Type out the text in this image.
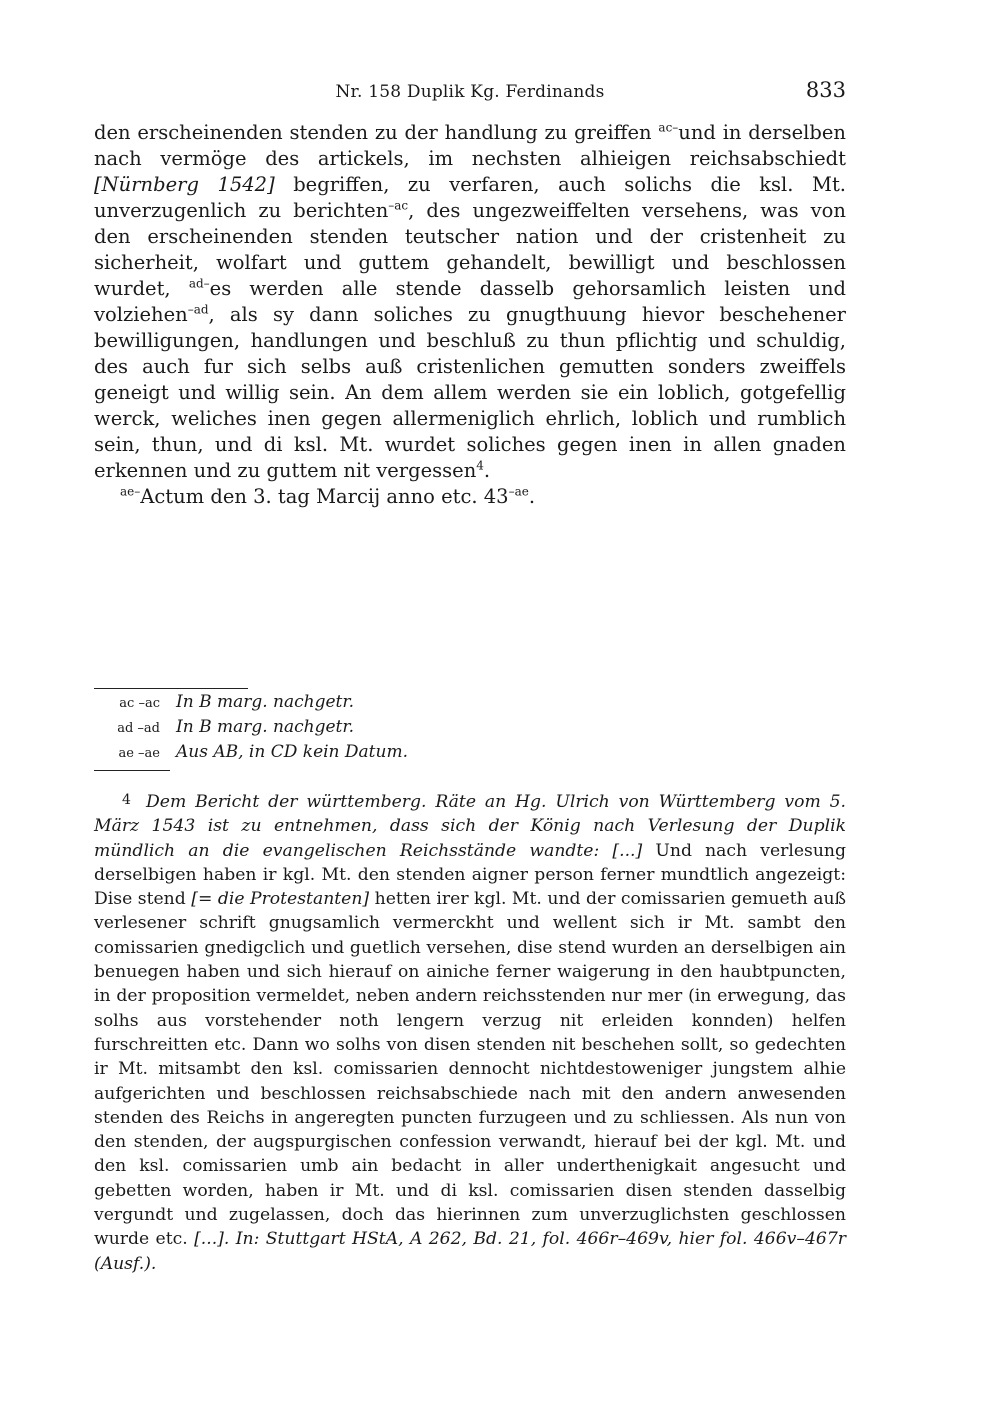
Nr. 158 Duplik Kg. Ferdinands	833

den erscheinenden stenden zu der handlung zu greiffen $^{ac-}$und in derselben nach vermöge des artickels, im nechsten alhieigen reichsabschiedt [Nürnberg 1542] begriffen, zu verfaren, auch solichs die ksl. Mt. unverzugenlich zu berichten$^{-ac}$, des ungezweiffelten versehens, was von den erscheinenden stenden teutscher nation und der cristenheit zu sicherheit, wolfart und guttem gehandelt, bewilligt und beschlossen wurdet, $^{ad-}$es werden alle stende dasselb gehorsamlich leisten und volziehen$^{-ad}$, als sy dann soliches zu gnugthuung hievor beschehener bewilligungen, handlungen und beschluß zu thun pflichtig und schuldig, des auch fur sich selbs auß cristenlichen gemutten sonders zweiffels geneigt und willig sein. An dem allem werden sie ein loblich, gotgefellig werck, weliches inen gegen allermeniglich ehrlich, loblich und rumblich sein, thun, und di ksl. Mt. wurdet soliches gegen inen in allen gnaden erkennen und zu guttem nit vergessen$^4$.

$^{ae-}$Actum den 3. tag Marcij anno etc. $43^{-ae}$.

ac –ac In B marg. nachgetr.
ad –ad In B marg. nachgetr.
ae –ae Aus AB, in CD kein Datum.

4 Dem Bericht der württemberg. Räte an Hg. Ulrich von Württemberg vom 5. März 1543 ist zu entnehmen, dass sich der König nach Verlesung der Duplik mündlich an die evangelischen Reichsstände wandte: [...] Und nach verlesung derselbigen haben ir kgl. Mt. den stenden aigner person ferner mundtlich angezeigt: Dise stend [= die Protestanten] hetten irer kgl. Mt. und der comissarien gemueth auß verlesener schrift gnugsamlich vermerckht und wellent sich ir Mt. sambt den comissarien gnedigclich und guetlich versehen, dise stend wurden an derselbigen ain benuegen haben und sich hierauf on ainiche ferner waigerung in den haubtpuncten, in der proposition vermeldet, neben andern reichsstenden nur mer (in erwegung, das solhs aus vorstehender noth lengern verzug nit erleiden konnden) helfen furschreitten etc. Dann wo solhs von disen stenden nit beschehen sollt, so gedechten ir Mt. mitsambt den ksl. comissarien dennocht nichtdestoweniger jungstem alhie aufgerichten und beschlossen reichsabschiede nach mit den andern anwesenden stenden des Reichs in angeregten puncten furzugeen und zu schliessen. Als nun von den stenden, der augspurgischen confession verwandt, hierauf bei der kgl. Mt. und den ksl. comissarien umb ain bedacht in aller underthenigkait angesucht und gebetten worden, haben ir Mt. und di ksl. comissarien disen stenden dasselbig vergundt und zugelassen, doch das hierinnen zum unverzuglichsten geschlossen wurde etc. [...]. In: Stuttgart HStA, A 262, Bd. 21, fol. 466r–469v, hier fol. 466v–467r (Ausf.).
